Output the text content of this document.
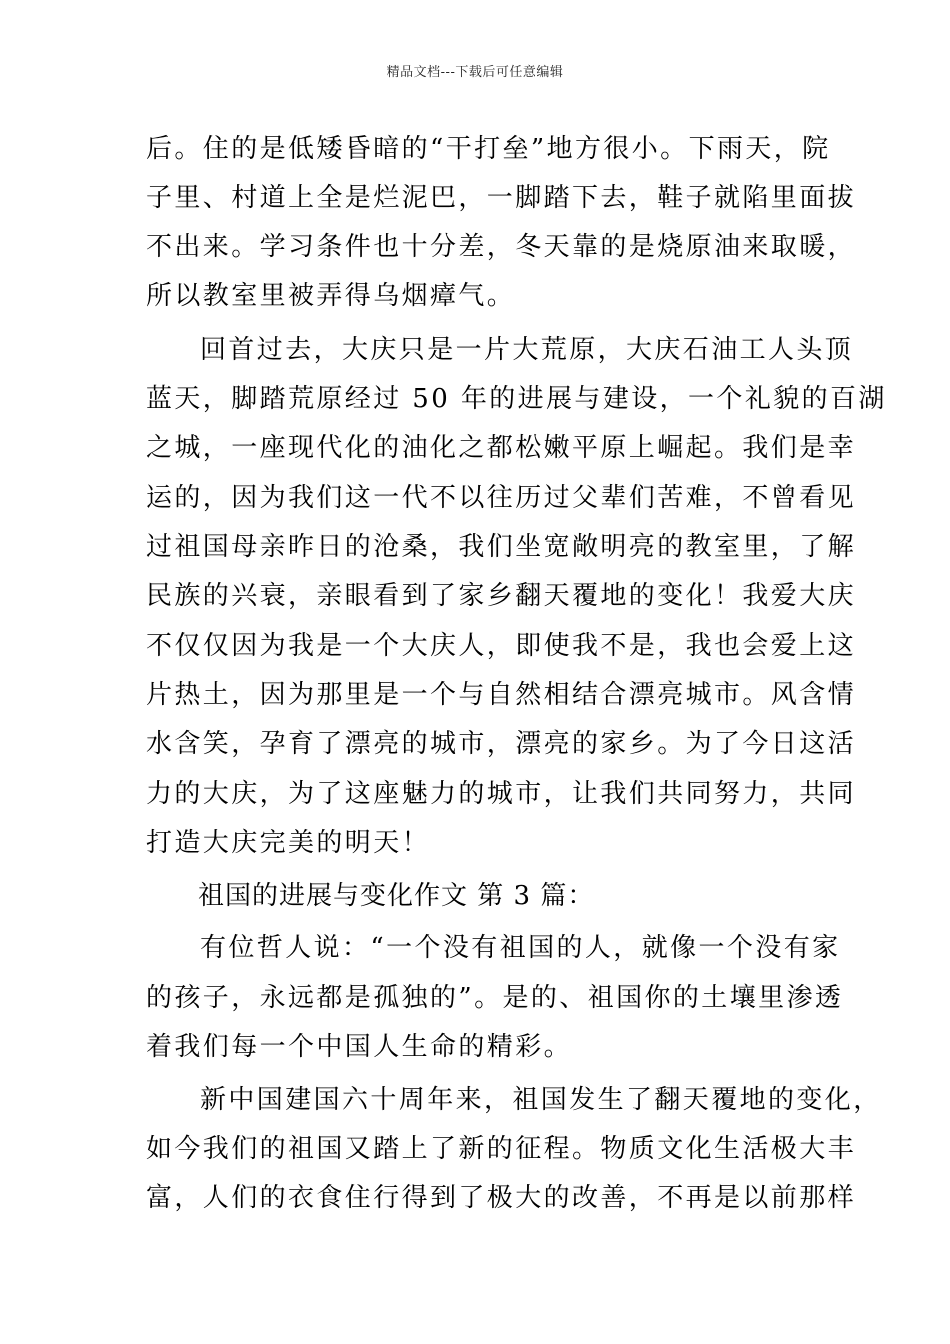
精品文档---下载后可任意编辑
后。住的是低矮昏暗的“干打垒”地方很小。下雨天，院
子里、村道上全是烂泥巴，一脚踏下去，鞋子就陷里面拔
不出来。学习条件也十分差，冬天靠的是烧原油来取暖，
所以教室里被弄得乌烟瘴气。
回首过去，大庆只是一片大荒原，大庆石油工人头顶
蓝天，脚踏荒原经过 50 年的进展与建设，一个礼貌的百湖
之城，一座现代化的油化之都松嫩平原上崛起。我们是幸
运的，因为我们这一代不以往历过父辈们苦难，不曾看见
过祖国母亲昨日的沧桑，我们坐宽敞明亮的教室里，了解
民族的兴衰，亲眼看到了家乡翻天覆地的变化！我爱大庆
不仅仅因为我是一个大庆人，即使我不是，我也会爱上这
片热土，因为那里是一个与自然相结合漂亮城市。风含情
水含笑，孕育了漂亮的城市，漂亮的家乡。为了今日这活
力的大庆，为了这座魅力的城市，让我们共同努力，共同
打造大庆完美的明天！
祖国的进展与变化作文 第 3 篇：
有位哲人说：“一个没有祖国的人，就像一个没有家
的孩子，永远都是孤独的”。是的、祖国你的土壤里渗透
着我们每一个中国人生命的精彩。
新中国建国六十周年来，祖国发生了翻天覆地的变化，
如今我们的祖国又踏上了新的征程。物质文化生活极大丰
富，人们的衣食住行得到了极大的改善，不再是以前那样
